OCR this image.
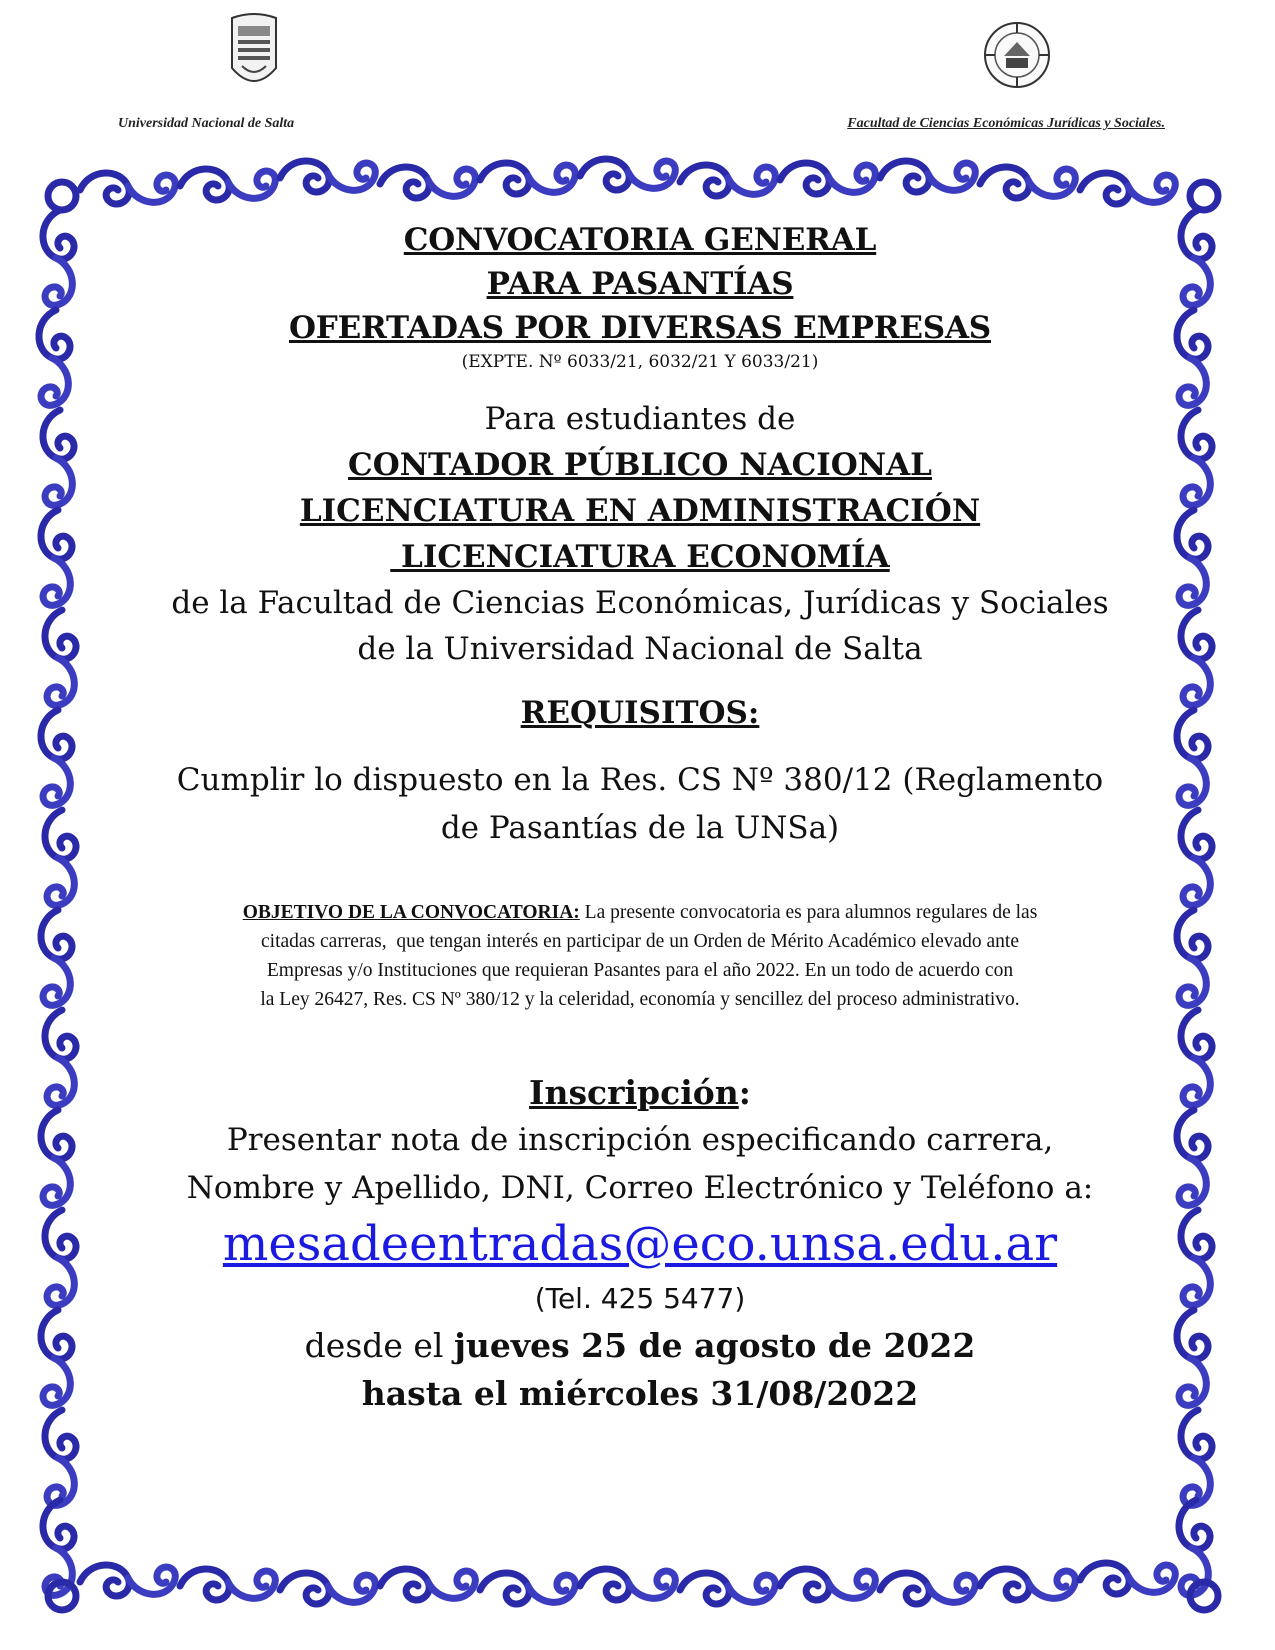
Universidad Nacional de Salta	Facultad de Ciencias Económicas Jurídicas y Sociales.
CONVOCATORIA GENERAL
PARA PASANTÍAS
OFERTADAS POR DIVERSAS EMPRESAS
(EXPTE. Nº 6033/21, 6032/21 Y 6033/21)
Para estudiantes de
CONTADOR PÚBLICO NACIONAL
LICENCIATURA EN ADMINISTRACIÓN
LICENCIATURA ECONOMÍA
de la Facultad de Ciencias Económicas, Jurídicas y Sociales
de la Universidad Nacional de Salta
REQUISITOS:
Cumplir lo dispuesto en la Res. CS Nº 380/12 (Reglamento
de Pasantías de la UNSa)
OBJETIVO DE LA CONVOCATORIA: La presente convocatoria es para alumnos regulares de las
citadas carreras,  que tengan interés en participar de un Orden de Mérito Académico elevado ante
Empresas y/o Instituciones que requieran Pasantes para el año 2022. En un todo de acuerdo con
la Ley 26427, Res. CS Nº 380/12 y la celeridad, economía y sencillez del proceso administrativo.
Inscripción:
Presentar nota de inscripción especificando carrera,
Nombre y Apellido, DNI, Correo Electrónico y Teléfono a:
mesadeentradas@eco.unsa.edu.ar
(Tel. 425 5477)
desde el jueves 25 de agosto de 2022
hasta el miércoles 31/08/2022
